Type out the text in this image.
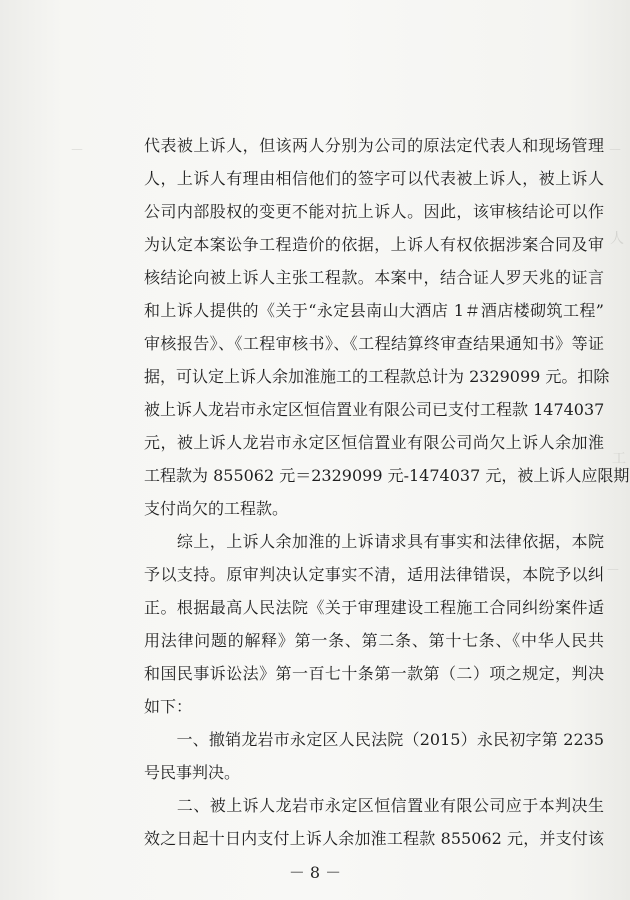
－	－
人
工
－
代表被上诉人，但该两人分别为公司的原法定代表人和现场管理
人，上诉人有理由相信他们的签字可以代表被上诉人，被上诉人
公司内部股权的变更不能对抗上诉人。因此，该审核结论可以作
为认定本案讼争工程造价的依据，上诉人有权依据涉案合同及审
核结论向被上诉人主张工程款。本案中，结合证人罗天兆的证言
和上诉人提供的《关于“永定县南山大酒店 1＃酒店楼砌筑工程”
审核报告》、《工程审核书》、《工程结算终审查结果通知书》等证
据，可认定上诉人余加淮施工的工程款总计为 2329099 元。扣除
被上诉人龙岩市永定区恒信置业有限公司已支付工程款 1474037
元，被上诉人龙岩市永定区恒信置业有限公司尚欠上诉人余加淮
工程款为 855062 元＝2329099 元-1474037 元，被上诉人应限期
支付尚欠的工程款。
　　综上，上诉人余加淮的上诉请求具有事实和法律依据，本院
予以支持。原审判决认定事实不清，适用法律错误，本院予以纠
正。根据最高人民法院《关于审理建设工程施工合同纠纷案件适
用法律问题的解释》第一条、第二条、第十七条、《中华人民共
和国民事诉讼法》第一百七十条第一款第（二）项之规定，判决
如下：
　　一、撤销龙岩市永定区人民法院（2015）永民初字第 2235
号民事判决。
　　二、被上诉人龙岩市永定区恒信置业有限公司应于本判决生
效之日起十日内支付上诉人余加淮工程款 855062 元，并支付该
－ 8 －
